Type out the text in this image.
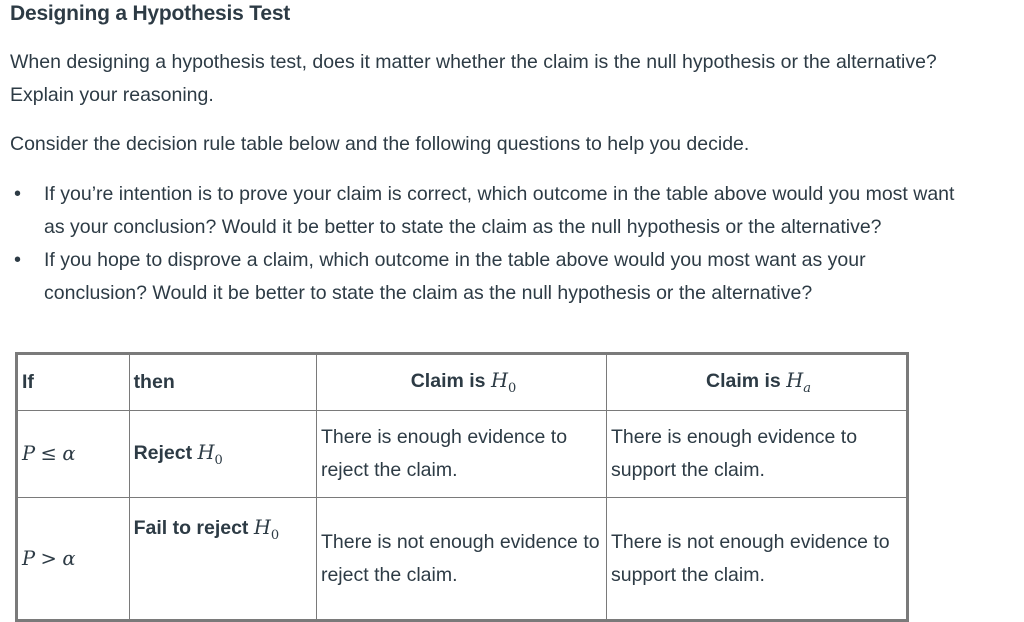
Designing a Hypothesis Test
When designing a hypothesis test, does it matter whether the claim is the null hypothesis or the alternative? Explain your reasoning.
Consider the decision rule table below and the following questions to help you decide.
• If you’re intention is to prove your claim is correct, which outcome in the table above would you most want as your conclusion? Would it be better to state the claim as the null hypothesis or the alternative?
• If you hope to disprove a claim, which outcome in the table above would you most want as your conclusion? Would it be better to state the claim as the null hypothesis or the alternative?
If	then	Claim is $H_0$	Claim is $H_a$
P ≤ α	Reject $H_0$	There is enough evidence to reject the claim.	There is enough evidence to support the claim.
P > α	Fail to reject $H_0$	There is not enough evidence to reject the claim.	There is not enough evidence to support the claim.
